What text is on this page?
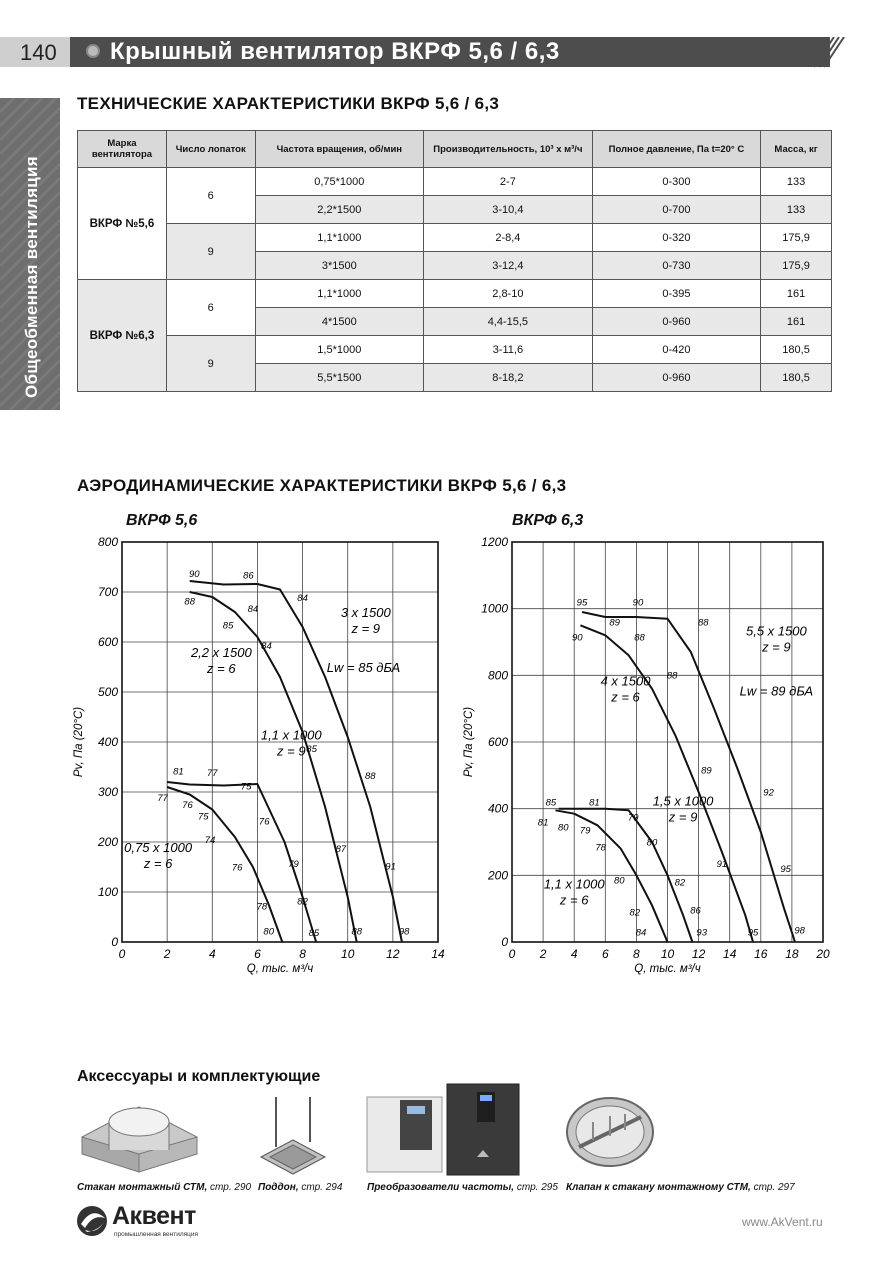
140 Крышный вентилятор ВКРФ 5,6 / 6,3
Общеобменная вентиляция
ТЕХНИЧЕСКИЕ ХАРАКТЕРИСТИКИ ВКРФ 5,6 / 6,3
Марка вентилятора	Число лопаток	Частота вращения, об/мин	Производительность, 10³ х м³/ч	Полное давление, Па t=20° C	Масса, кг
ВКРФ №5,6	6	0,75*1000	2-7	0-300	133
		2,2*1500	3-10,4	0-700	133
	9	1,1*1000	2-8,4	0-320	175,9
		3*1500	3-12,4	0-730	175,9
ВКРФ №6,3	6	1,1*1000	2,8-10	0-395	161
		4*1500	4,4-15,5	0-960	161
	9	1,5*1000	3-11,6	0-420	180,5
		5,5*1500	8-18,2	0-960	180,5
АЭРОДИНАМИЧЕСКИЕ ХАРАКТЕРИСТИКИ ВКРФ 5,6 / 6,3
ВКРФ 5,6
0	2	4	6	8	10	12	14
0
100
200
300
400
500
600
700
800
Q, тыс. м³/ч
Pv, Па (20°C)
0,75 x 1000
z = 6
1,1 x 1000
z = 9
2,2 x 1500
z = 6
3 x 1500
z = 9
90	86
84
88
84
85
84
85
88
87
91
98
88
81 77
75
77
76
75	76
74
76	79
82
78
80	85
Lw = 85 дБА
ВКРФ 6,3
0 2 4 6 8 10 12 14 16 18 20
0
200
400
600
800
1000
1200
Q, тыс. м³/ч
Pv, Па (20°C)
1,1 x 1000
z = 6
1,5 x 1000
z = 9
4 x 1500
z = 6
5,5 x 1500
z = 9
95	90
88
90
89
88
88
89
92
91	95
95	98
85	81
79
81 80 79
78	80
80	82
86
82
84	93
Lw = 89 дБА
Аксессуары и комплектующие
Стакан монтажный СТМ, стр. 290 Поддон, стр. 294 Преобразователи частоты, стр. 295 Клапан к стакану монтажному СТМ, стр. 297
Аквент
промышленная вентиляция
www.AkVent.ru
